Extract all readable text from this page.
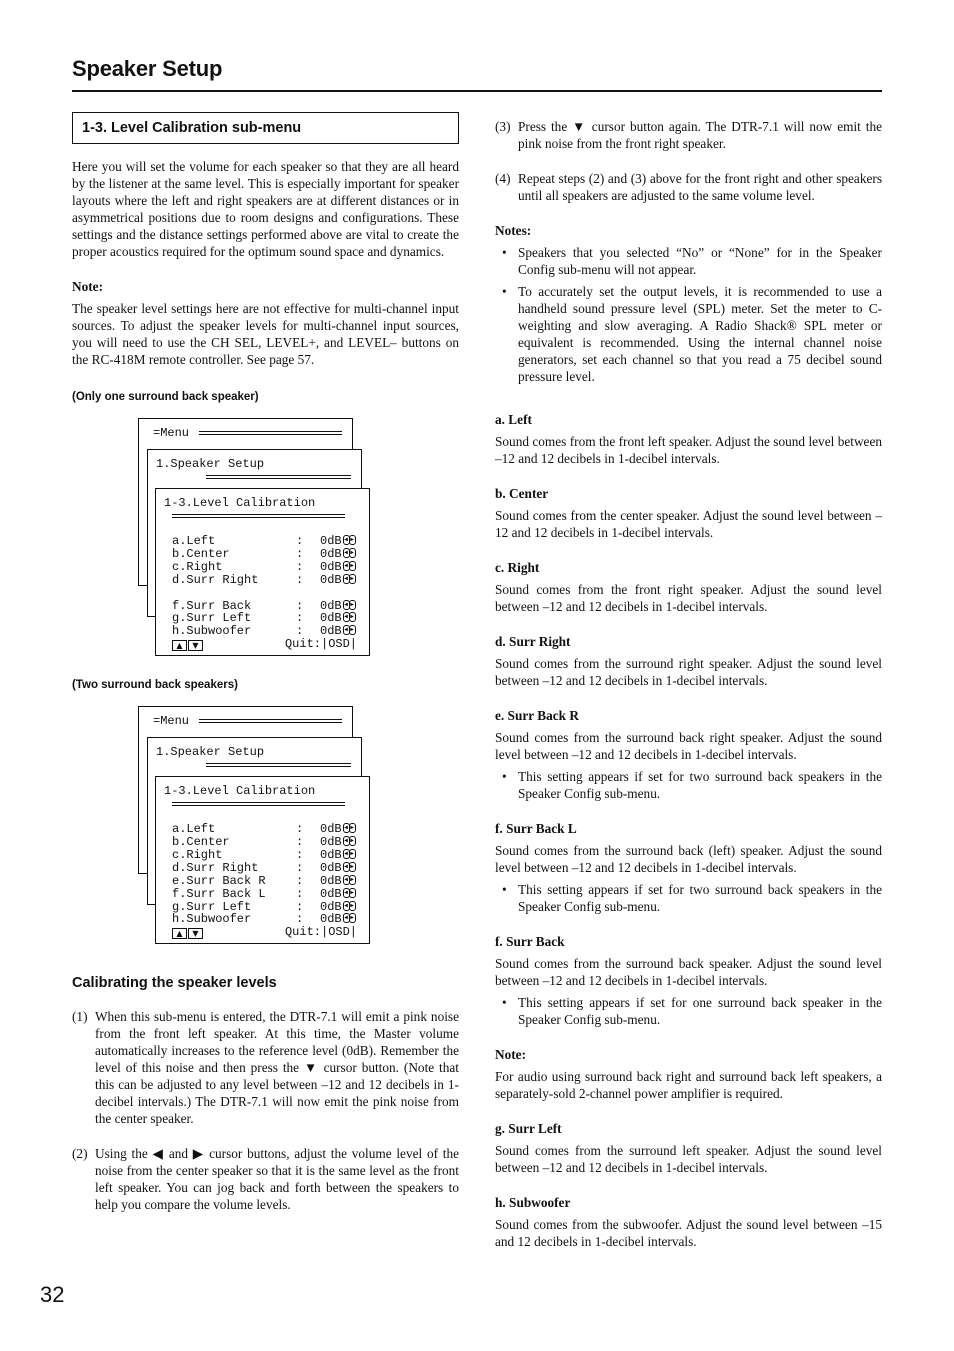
Speaker Setup
1-3. Level Calibration sub-menu

Here you will set the volume for each speaker so that they are all heard by the listener at the same level. This is especially important for speaker layouts where the left and right speakers are at different distances or in asymmetrical positions due to room designs and configurations. These settings and the distance settings performed above are vital to create the proper acoustics required for the optimum sound space and dynamics.

Note:

The speaker level settings here are not effective for multi-channel input sources. To adjust the speaker levels for multi-channel input sources, you will need to use the CH SEL, LEVEL+, and LEVEL– buttons on the RC-418M remote controller. See page 57.

(Only one surround back speaker)

=Menu
1.Speaker Setup
1-3.Level Calibration
a.Left	: 0dB ◀ ▶
b.Center	: 0dB ◀ ▶
c.Right	: 0dB ◀ ▶
d.Surr Right	: 0dB ◀ ▶
f.Surr Back	: 0dB ◀ ▶
g.Surr Left	: 0dB ◀ ▶
h.Subwoofer	: 0dB ◀ ▶
▲ ▼	Quit:|OSD|

(Two surround back speakers)

=Menu
1.Speaker Setup
1-3.Level Calibration
a.Left	: 0dB ◀ ▶
b.Center	: 0dB ◀ ▶
c.Right	: 0dB ◀ ▶
d.Surr Right	: 0dB ◀ ▶
e.Surr Back R	: 0dB ◀ ▶
f.Surr Back L	: 0dB ◀ ▶
g.Surr Left	: 0dB ◀ ▶
h.Subwoofer	: 0dB ◀ ▶
▲ ▼	Quit:|OSD|

Calibrating the speaker levels

(1) When this sub-menu is entered, the DTR-7.1 will emit a pink noise from the front left speaker. At this time, the Master volume automatically increases to the reference level (0dB). Remember the level of this noise and then press the ▼ cursor button. (Note that this can be adjusted to any level between –12 and 12 decibels in 1-decibel intervals.) The DTR-7.1 will now emit the pink noise from the center speaker.
(2) Using the ◀ and ▶ cursor buttons, adjust the volume level of the noise from the center speaker so that it is the same level as the front left speaker. You can jog back and forth between the speakers to help you compare the volume levels.
(3) Press the ▼ cursor button again. The DTR-7.1 will now emit the pink noise from the front right speaker.
(4) Repeat steps (2) and (3) above for the front right and other speakers until all speakers are adjusted to the same volume level.

Notes:

• Speakers that you selected “No” or “None” for in the Speaker Config sub-menu will not appear.
• To accurately set the output levels, it is recommended to use a handheld sound pressure level (SPL) meter. Set the meter to C-weighting and slow averaging. A Radio Shack® SPL meter or equivalent is recommended. Using the internal channel noise generators, set each channel so that you read a 75 decibel sound pressure level.

a. Left

Sound comes from the front left speaker. Adjust the sound level between –12 and 12 decibels in 1-decibel intervals.

b. Center

Sound comes from the center speaker. Adjust the sound level between –12 and 12 decibels in 1-decibel intervals.

c. Right

Sound comes from the front right speaker. Adjust the sound level between –12 and 12 decibels in 1-decibel intervals.

d. Surr Right

Sound comes from the surround right speaker. Adjust the sound level between –12 and 12 decibels in 1-decibel intervals.

e. Surr Back R

Sound comes from the surround back right speaker. Adjust the sound level between –12 and 12 decibels in 1-decibel intervals.

• This setting appears if set for two surround back speakers in the Speaker Config sub-menu.

f. Surr Back L

Sound comes from the surround back (left) speaker. Adjust the sound level between –12 and 12 decibels in 1-decibel intervals.

• This setting appears if set for two surround back speakers in the Speaker Config sub-menu.

f. Surr Back

Sound comes from the surround back speaker. Adjust the sound level between –12 and 12 decibels in 1-decibel intervals.

• This setting appears if set for one surround back speaker in the Speaker Config sub-menu.

Note:

For audio using surround back right and surround back left speakers, a separately-sold 2-channel power amplifier is required.

g. Surr Left

Sound comes from the surround left speaker. Adjust the sound level between –12 and 12 decibels in 1-decibel intervals.

h. Subwoofer

Sound comes from the subwoofer. Adjust the sound level between –15 and 12 decibels in 1-decibel intervals.

32
